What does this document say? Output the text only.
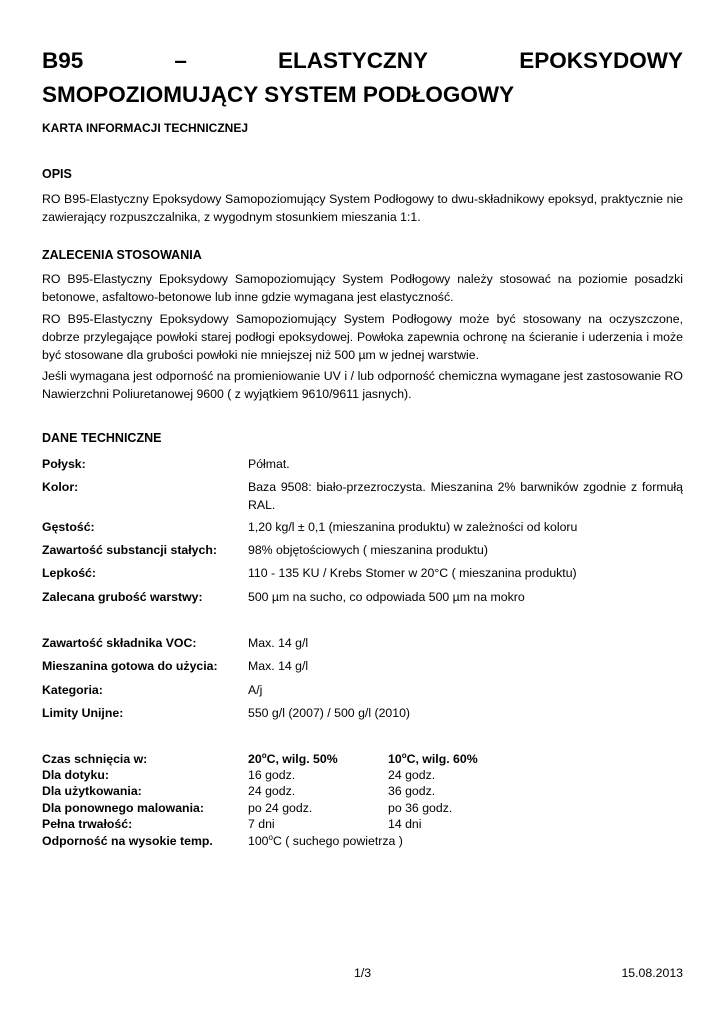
B95	–	ELASTYCZNY	EPOKSYDOWY
SMOPOZIOMUJĄCY SYSTEM PODŁOGOWY

KARTA INFORMACJI TECHNICZNEJ

OPIS

RO B95-Elastyczny Epoksydowy Samopoziomujący System Podłogowy to dwu-składnikowy epoksyd, praktycznie nie zawierający rozpuszczalnika, z wygodnym stosunkiem mieszania 1:1.

ZALECENIA STOSOWANIA

RO B95-Elastyczny Epoksydowy Samopoziomujący System Podłogowy należy stosować na poziomie posadzki betonowe, asfaltowo-betonowe lub inne gdzie wymagana jest elastyczność.

RO B95-Elastyczny Epoksydowy Samopoziomujący System Podłogowy może być stosowany na oczyszczone, dobrze przylegające powłoki starej podłogi epoksydowej. Powłoka zapewnia ochronę na ścieranie i uderzenia i może być stosowane dla grubości powłoki nie mniejszej niż 500 µm w jednej warstwie.

Jeśli wymagana jest odporność na promieniowanie UV i / lub odporność chemiczna wymagane jest zastosowanie RO Nawierzchni Poliuretanowej 9600 ( z wyjątkiem 9610/9611 jasnych).

DANE TECHNICZNE
Połysk:	Półmat.
Kolor:	Baza 9508: biało-przezroczysta. Mieszanina 2% barwników zgodnie z formułą RAL.
Gęstość:	1,20 kg/l ± 0,1 (mieszanina produktu) w zależności od koloru
Zawartość substancji stałych:	98% objętościowych ( mieszanina produktu)
Lepkość:	110 - 135 KU / Krebs Stomer w 20°C ( mieszanina produktu)
Zalecana grubość warstwy:	500 µm na sucho, co odpowiada 500 µm na mokro
Zawartość składnika VOC:	Max. 14 g/l
Mieszanina gotowa do użycia: Max. 14 g/l
Kategoria:	A/j
Limity Unijne:	550 g/l (2007) / 500 g/l (2010)
Czas schnięcia w:	20$^o$C, wilg. 50%	10$^o$C, wilg. 60%
Dla dotyku:	16 godz.	24 godz.
Dla użytkowania:	24 godz.	36 godz.
Dla ponownego malowania:	po 24 godz.	po 36 godz.
Pełna trwałość:	7 dni	14 dni
Odporność na wysokie temp.	100$^o$C ( suchego powietrza )
1/3	15.08.2013
